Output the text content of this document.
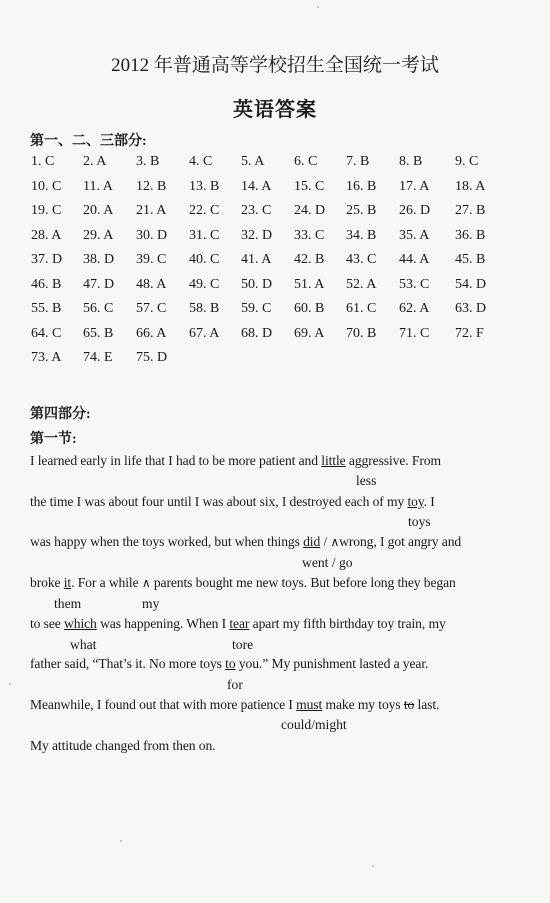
2012 年普通高等学校招生全国统一考试
英语答案
第一、二、三部分:
1. C 2. A 3. B 4. C 5. A 6. C 7. B 8. B 9. C
10. C 11. A 12. B 13. B 14. A 15. C 16. B 17. A 18. A
19. C 20. A 21. A 22. C 23. C 24. D 25. B 26. D 27. B
28. A 29. A 30. D 31. C 32. D 33. C 34. B 35. A 36. B
37. D 38. D 39. C 40. C 41. A 42. B 43. C 44. A 45. B
46. B 47. D 48. A 49. C 50. D 51. A 52. A 53. C 54. D
55. B 56. C 57. C 58. B 59. C 60. B 61. C 62. A 63. D
64. C 65. B 66. A 67. A 68. D 69. A 70. B 71. C 72. F
73. A 74. E 75. D
第四部分:
第一节:
I learned early in life that I had to be more patient and little aggressive. From
less
the time I was about four until I was about six, I destroyed each of my toy. I
toys
was happy when the toys worked, but when things did / ∧wrong, I got angry and
went / go
broke it. For a while ∧ parents bought me new toys. But before long they began
them	my
to see which was happening. When I tear apart my fifth birthday toy train, my
what	tore
father said, “That’s it. No more toys to you.” My punishment lasted a year.
for
Meanwhile, I found out that with more patience I must make my toys to last.
could/might
My attitude changed from then on.
